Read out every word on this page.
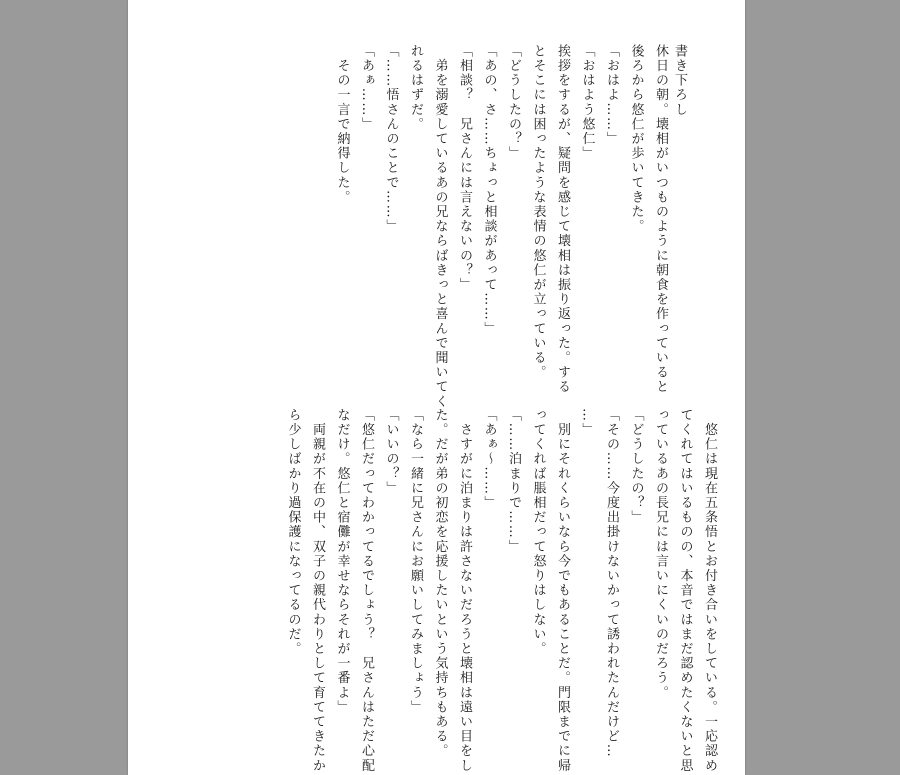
書き下ろし
休日の朝。壊相がいつものように朝食を作っていると
後ろから悠仁が歩いてきた。
「おはよ……」
「おはよう悠仁」
挨拶をするが、疑問を感じて壊相は振り返った。する
とそこには困ったような表情の悠仁が立っている。
「どうしたの？」
「あの、さ……ちょっと相談があって……」
「相談？　兄さんには言えないの？」
　弟を溺愛しているあの兄ならばきっと喜んで聞いてく
れるはずだ。
「……悟さんのことで……」
「あぁ……」
　その一言で納得した。
　悠仁は現在五条悟とお付き合いをしている。一応認め
てくれてはいるものの、本音ではまだ認めたくないと思
っているあの長兄には言いにくいのだろう。
「どうしたの？」
「その……今度出掛けないかって誘われたんだけど…
…」
　別にそれくらいなら今でもあることだ。門限までに帰
ってくれば脹相だって怒りはしない。
「……泊まりで……」
「あぁ～……」
　さすがに泊まりは許さないだろうと壊相は遠い目をし
た。だが弟の初恋を応援したいという気持ちもある。
「なら一緒に兄さんにお願いしてみましょう」
「いいの？」
「悠仁だってわかってるでしょう？　兄さんはただ心配
なだけ。悠仁と宿儺が幸せならそれが一番よ」
　両親が不在の中、双子の親代わりとして育ててきたか
ら少しばかり過保護になってるのだ。
